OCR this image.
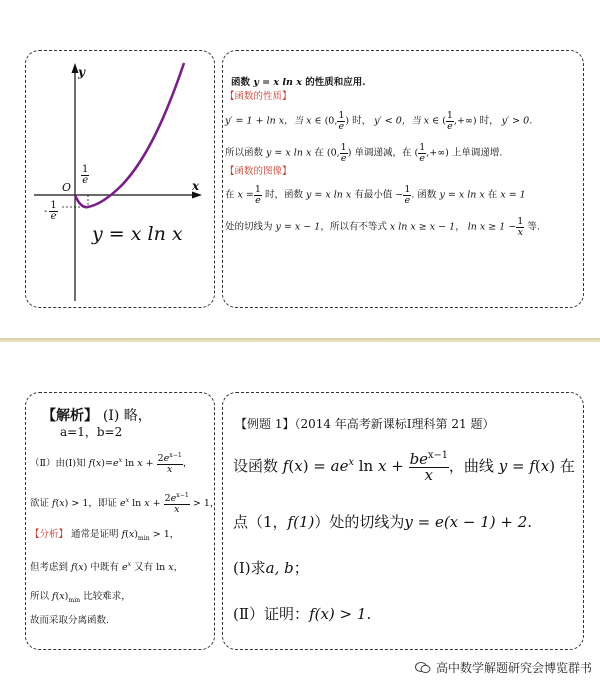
y
x
O
$\frac{1}{e}$
- $\frac{1}{e}$
y = x ln x
函数 y = x ln x 的性质和应用.
【函数的性质】
y′ = 1 + ln x，当 x ∈ (0, $\frac{1}{e}$ ) 时， y′ < 0，当 x ∈ ( $\frac{1}{e}$ ,+∞) 时， y′ > 0.
所以函数 y = x ln x 在 (0, $\frac{1}{e}$ ) 单调递减，在 ( $\frac{1}{e}$ ,+∞) 上单调递增.
【函数的图像】
在 $x = \frac{1}{e}$ 时，函数 y = x ln x 有最小值 − $\frac{1}{e}$ . 函数 y = x ln x 在 x = 1
处的切线为 y = x − 1，所以有不等式 x ln x ≥ x − 1， $\ln x \ge 1 - \frac{1}{x}$ 等.
【解析】 (I) 略，
a=1，b=2
（Ⅱ）由(Ⅰ)知 $f(x)=e^x$ $\ln x + \frac{2e^{x-1}}{x}$ ，
欲证 f(x) > 1，即证 $e^x$ $\ln x + \frac{2e^{x-1}}{x} > 1$，
【分析】 通常是证明 $f(x)_{min} > 1$，
但考虑到 f(x) 中既有 $e^x$ 又有 ln x，
所以 $f(x)_{min}$ 比较难求，
故而采取分离函数.
【例题 1】（2014 年高考新课标Ⅰ理科第 21 题）
设函数 $f(x) = ae^x$ $\ln x + \frac{be^{x-1}}{x}$ ，曲线 y = f(x) 在
点（1，f(1)）处的切线为y = e(x − 1) + 2.
(Ⅰ)求a, b；
(Ⅱ）证明：f(x) > 1.
高中数学解题研究会博览群书
